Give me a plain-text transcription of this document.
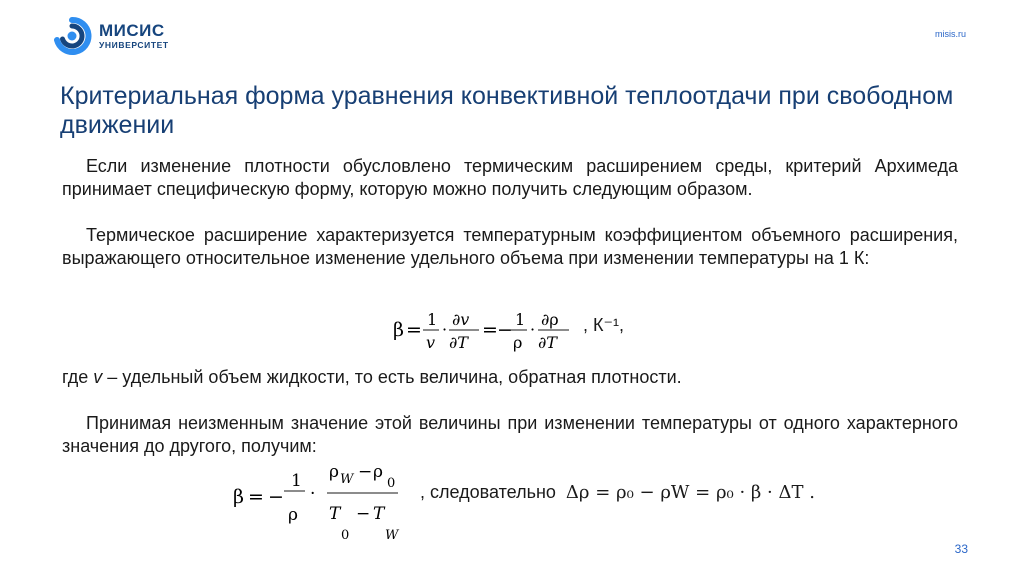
МИСИС
УНИВЕРСИТЕТ
misis.ru
Критериальная форма уравнения конвективной теплоотдачи при свободном движении

Если изменение плотности обусловлено термическим расширением среды, критерий Архимеда принимает специфическую форму, которую можно получить следующим образом.

Термическое расширение характеризуется температурным коэффициентом объемного расширения, выражающего относительное изменение удельного объема при изменении температуры на 1 К:

β = 1
v
·
∂v
∂T
= − 1
ρ
·
∂ρ
∂T
, К⁻¹,

где v – удельный объем жидкости, то есть величина, обратная плотности.

Принимая неизменным значение этой величины при изменении температуры от одного характерного значения до другого, получим:

β = −
1
ρ
·
ρ W − ρ
0
T
0
− T
W
, следовательно Δρ = ρ₀ − ρW = ρ₀ · β · ΔT .
33
